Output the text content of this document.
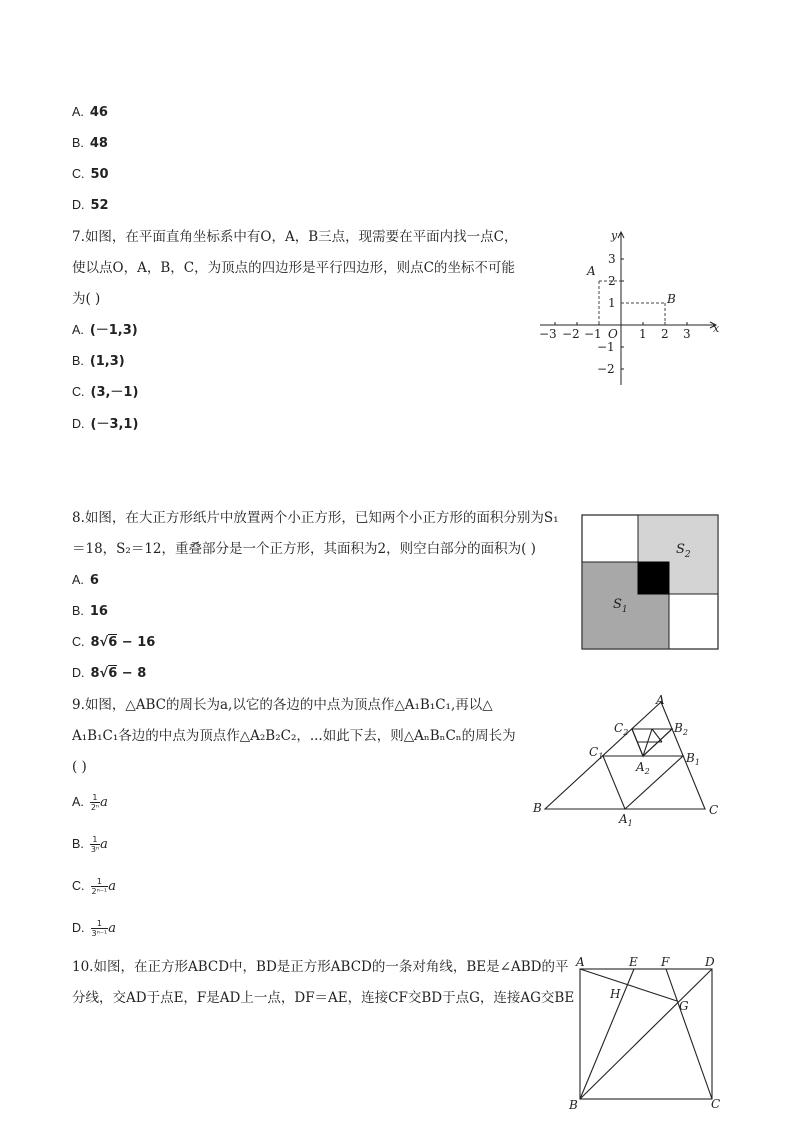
A. 46
B. 48
C. 50
D. 52
7.如图，在平面直角坐标系中有O，A，B三点，现需要在平面内找一点C，
使以点O，A，B，C，为顶点的四边形是平行四边形，则点C的坐标不可能
为( )
A. (－1,3)
B. (1,3)
C. (3,－1)
D. (－3,1)
x
y
O
−3 −2 −1	1 2 3
3
2
1
−1
−2
A
B
8.如图，在大正方形纸片中放置两个小正方形，已知两个小正方形的面积分别为S₁
＝18，S₂＝12，重叠部分是一个正方形，其面积为2，则空白部分的面积为( )
A. 6
B. 16
C. 8√6 − 16
D. 8√6 − 8
$S_2$
$S_1$
9.如图，△ABC的周长为a,以它的各边的中点为顶点作△A₁B₁C₁,再以△
A₁B₁C₁各边的中点为顶点作△A₂B₂C₂，...如此下去，则△AₙBₙCₙ的周长为
( )
A. $\frac{1}{\text{2ⁿ}}$ a
B. $\frac{1}{\text{3ⁿ}}$ a
C. $\frac{1}{\text{2ⁿ⁻¹}}$ a
D. $\frac{1}{\text{3ⁿ⁻¹}}$ a
A
B	C
$A_1$
$B_1$
$C_1$
$A_2$
$B_2$
$C_2$
10.如图，在正方形ABCD中，BD是正方形ABCD的一条对角线，BE是∠ABD的平
分线，交AD于点E，F是AD上一点，DF＝AE，连接CF交BD于点G，连接AG交BE
A	E F	D
H
G
B	C
